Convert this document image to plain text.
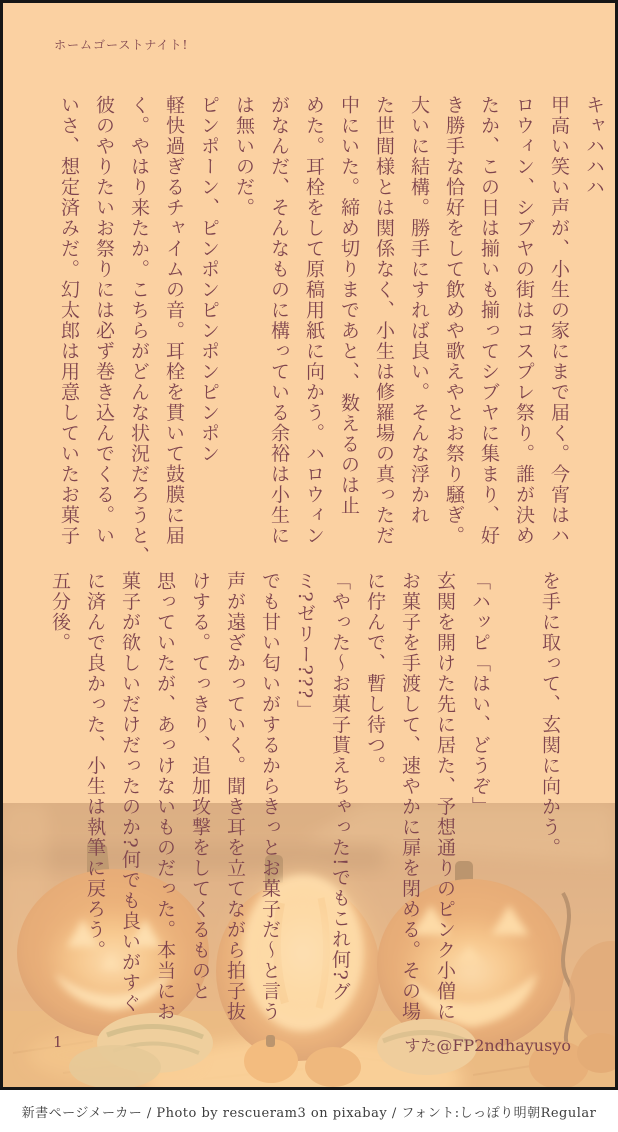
ホームゴーストナイト!
キャハハハ
甲高い笑い声が、小生の家にまで届く。今宵はハ
ロウィン、シブヤの街はコスプレ祭り。誰が決め
たか、この日は揃いも揃ってシブヤに集まり、好
き勝手な恰好をして飲めや歌えやとお祭り騒ぎ。
大いに結構。勝手にすれば良い。そんな浮かれ
た世間様とは関係なく、小生は修羅場の真っただ
中にいた。締め切りまであと、、数えるのは止
めた。耳栓をして原稿用紙に向かう。ハロウィン
がなんだ、そんなものに構っている余裕は小生に
は無いのだ。
ピンポーン、ピンポンピンポンピンポン
軽快過ぎるチャイムの音。耳栓を貫いて鼓膜に届
く。やはり来たか。こちらがどんな状況だろうと、
彼のやりたいお祭りには必ず巻き込んでくる。い
いさ、想定済みだ。幻太郎は用意していたお菓子
を手に取って、玄関に向かう。

「ハッピ「はい、どうぞ」
玄関を開けた先に居た、予想通りのピンク小僧に
お菓子を手渡して、速やかに扉を閉める。その場
に佇んで、暫し待つ。
「やった〜お菓子貰えちゃった!でもこれ何?グ
ミ?ゼリー???」
でも甘い匂いがするからきっとお菓子だ〜と言う
声が遠ざかっていく。聞き耳を立てながら拍子抜
けする。てっきり、追加攻撃をしてくるものと
思っていたが、あっけないものだった。本当にお
菓子が欲しいだけだったのか?何でも良いがすぐ
に済んで良かった、小生は執筆に戻ろう。
五分後。
1	すた@FP2ndhayusyo
新書ページメーカー / Photo by rescueram3 on pixabay / フォント:しっぽり明朝Regular
